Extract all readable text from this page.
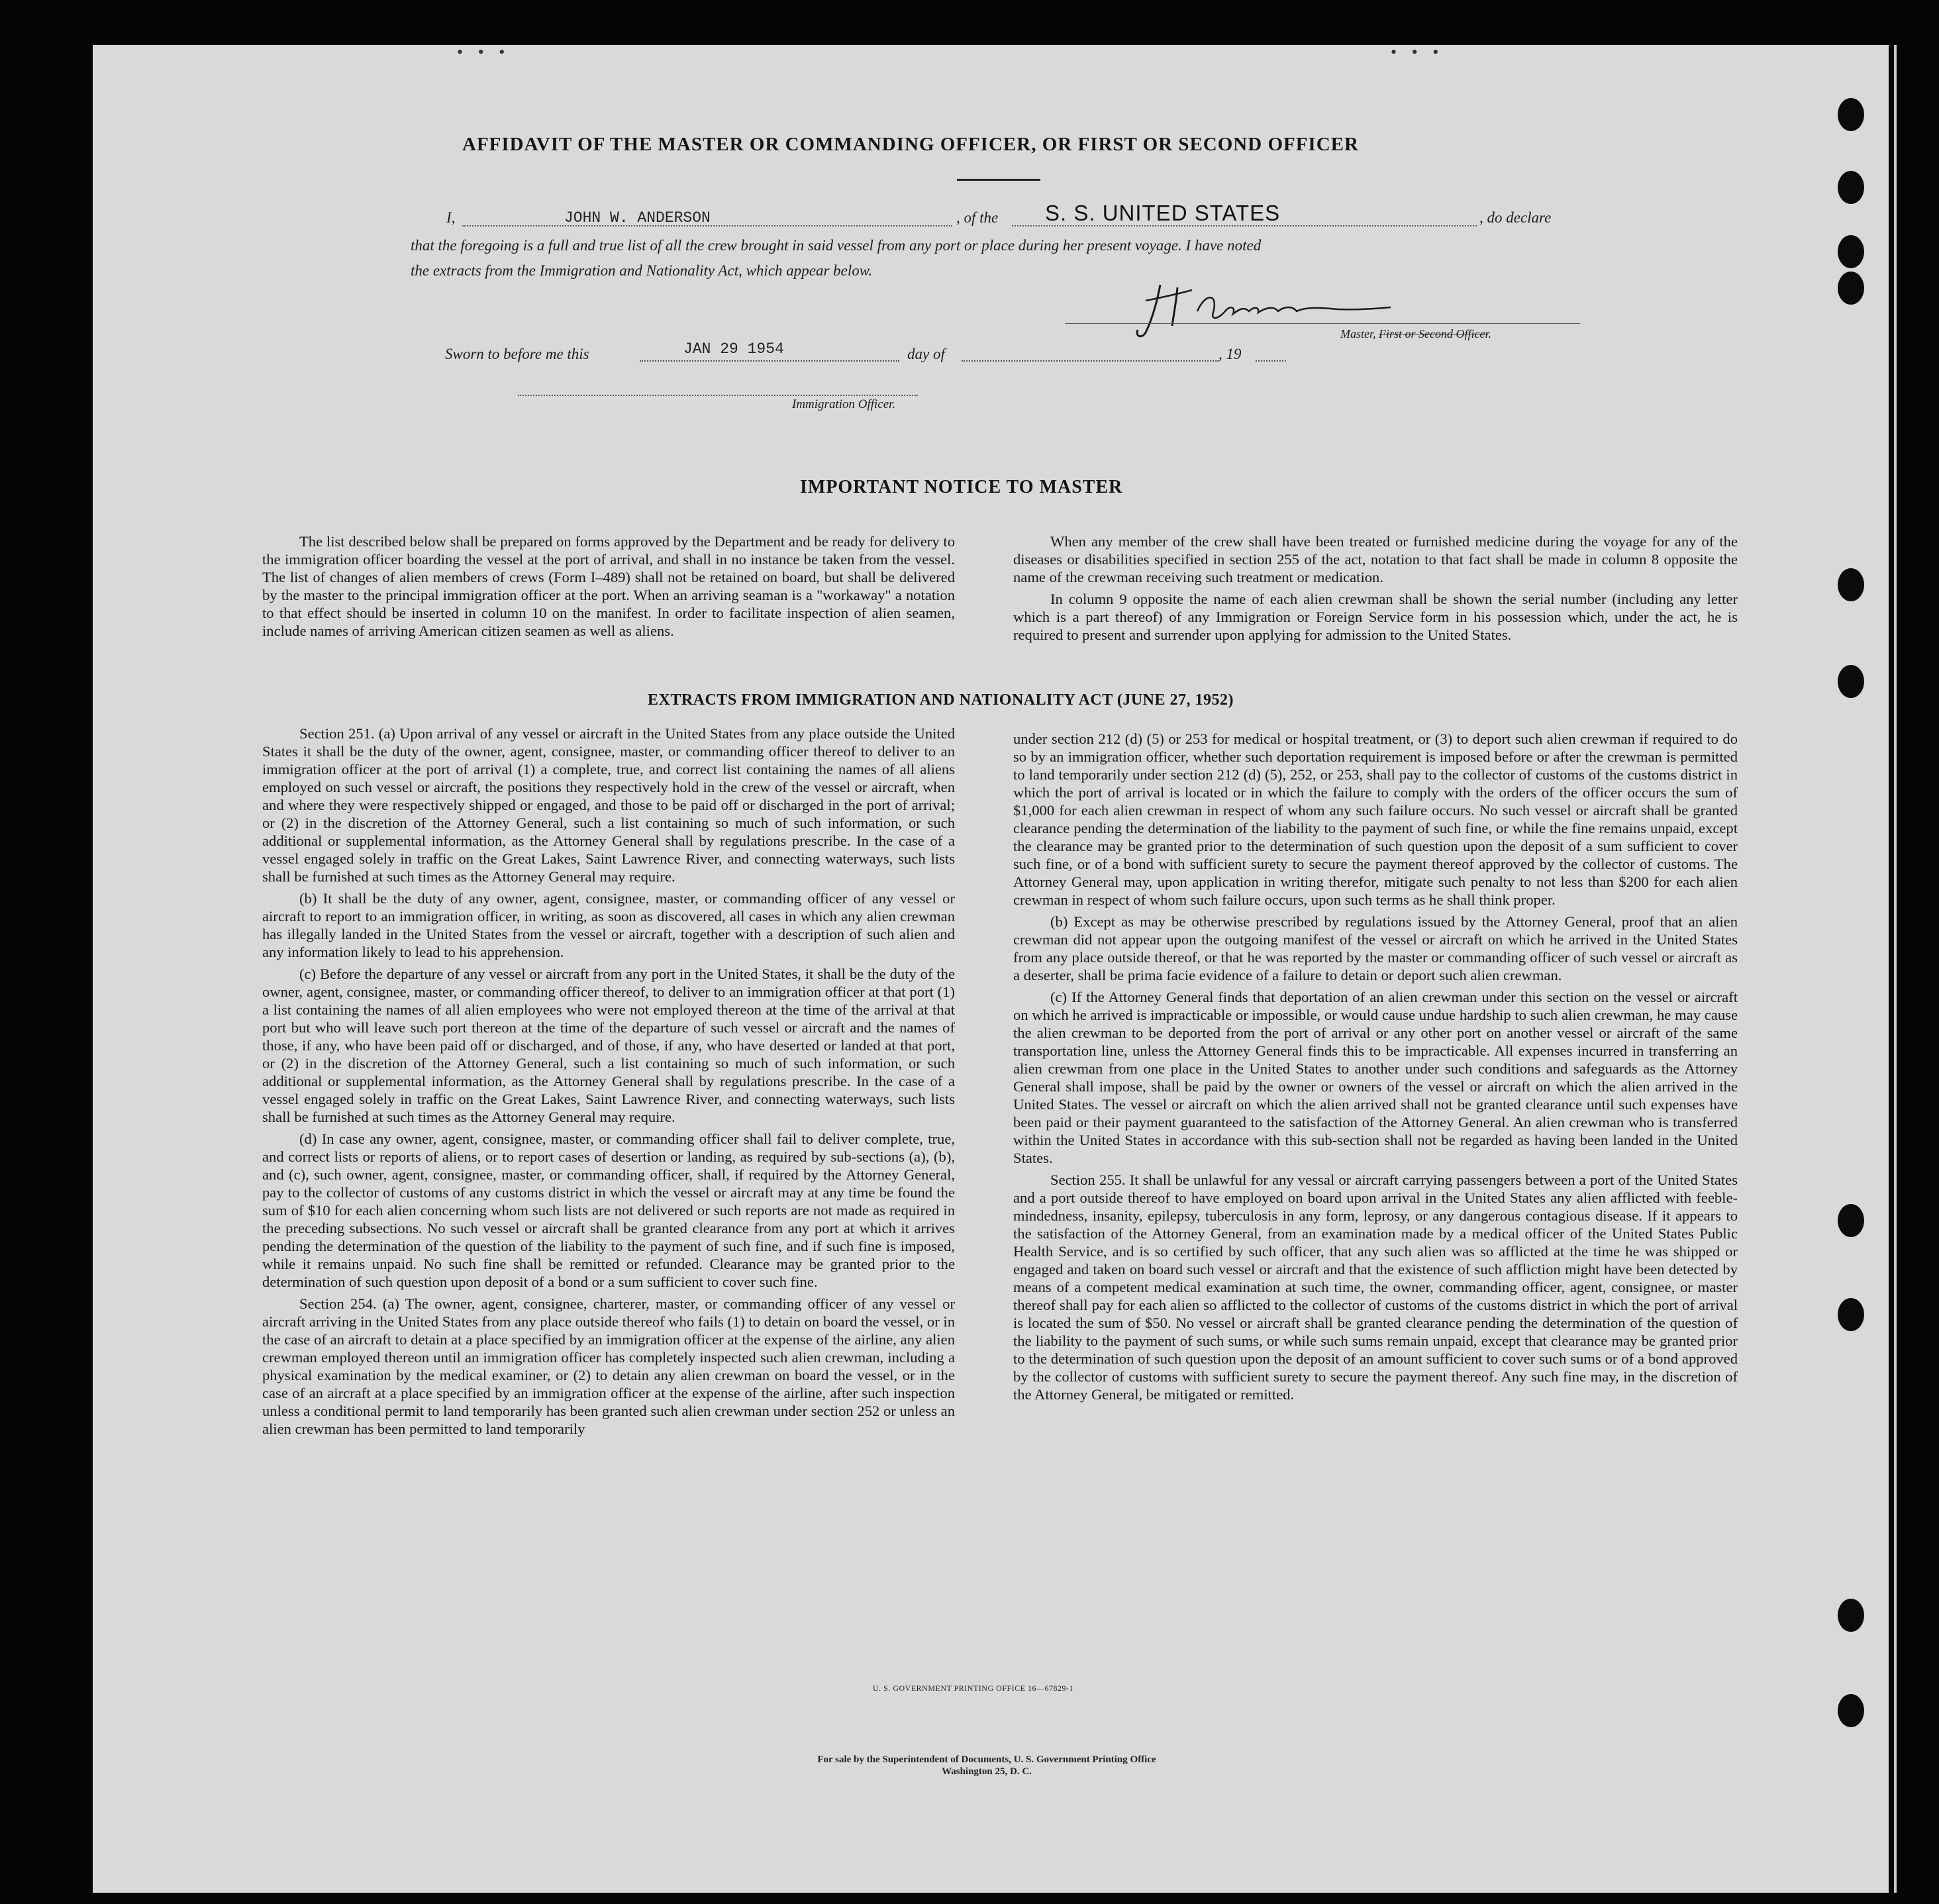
• • •	• • •
AFFIDAVIT OF THE MASTER OR COMMANDING OFFICER, OR FIRST OR SECOND OFFICER
I,	JOHN W. ANDERSON	, of the S. S. UNITED STATES	, do declare
that the foregoing is a full and true list of all the crew brought in said vessel from any port or place during her present voyage. I have noted
the extracts from the Immigration and Nationality Act, which appear below.
Master, First or Second Officer.
Sworn to before me this	JAN 29 1954	day of	, 19
Immigration Officer.
IMPORTANT NOTICE TO MASTER

The list described below shall be prepared on forms approved by the Department and be ready for delivery to the immigration officer boarding the vessel at the port of arrival, and shall in no instance be taken from the vessel. The list of changes of alien members of crews (Form I–489) shall not be retained on board, but shall be delivered by the master to the principal immigration officer at the port. When an arriving seaman is a "workaway" a notation to that effect should be inserted in column 10 on the manifest. In order to facilitate inspection of alien seamen, include names of arriving American citizen seamen as well as aliens.

When any member of the crew shall have been treated or furnished medicine during the voyage for any of the diseases or disabilities specified in section 255 of the act, notation to that fact shall be made in column 8 opposite the name of the crewman receiving such treatment or medication.

In column 9 opposite the name of each alien crewman shall be shown the serial number (including any letter which is a part thereof) of any Immigration or Foreign Service form in his possession which, under the act, he is required to present and surrender upon applying for admission to the United States.

EXTRACTS FROM IMMIGRATION AND NATIONALITY ACT (JUNE 27, 1952)

Section 251. (a) Upon arrival of any vessel or aircraft in the United States from any place outside the United States it shall be the duty of the owner, agent, consignee, master, or commanding officer thereof to deliver to an immigration officer at the port of arrival (1) a complete, true, and correct list containing the names of all aliens employed on such vessel or aircraft, the positions they respectively hold in the crew of the vessel or aircraft, when and where they were respectively shipped or engaged, and those to be paid off or discharged in the port of arrival; or (2) in the discretion of the Attorney General, such a list containing so much of such information, or such additional or supplemental information, as the Attorney General shall by regulations prescribe. In the case of a vessel engaged solely in traffic on the Great Lakes, Saint Lawrence River, and connecting waterways, such lists shall be furnished at such times as the Attorney General may require.

(b) It shall be the duty of any owner, agent, consignee, master, or commanding officer of any vessel or aircraft to report to an immigration officer, in writing, as soon as discovered, all cases in which any alien crewman has illegally landed in the United States from the vessel or aircraft, together with a description of such alien and any information likely to lead to his apprehension.

(c) Before the departure of any vessel or aircraft from any port in the United States, it shall be the duty of the owner, agent, consignee, master, or commanding officer thereof, to deliver to an immigration officer at that port (1) a list containing the names of all alien employees who were not employed thereon at the time of the arrival at that port but who will leave such port thereon at the time of the departure of such vessel or aircraft and the names of those, if any, who have been paid off or discharged, and of those, if any, who have deserted or landed at that port, or (2) in the discretion of the Attorney General, such a list containing so much of such information, or such additional or supplemental information, as the Attorney General shall by regulations prescribe. In the case of a vessel engaged solely in traffic on the Great Lakes, Saint Lawrence River, and connecting waterways, such lists shall be furnished at such times as the Attorney General may require.

(d) In case any owner, agent, consignee, master, or commanding officer shall fail to deliver complete, true, and correct lists or reports of aliens, or to report cases of desertion or landing, as required by sub-sections (a), (b), and (c), such owner, agent, consignee, master, or commanding officer, shall, if required by the Attorney General, pay to the collector of customs of any customs district in which the vessel or aircraft may at any time be found the sum of $10 for each alien concerning whom such lists are not delivered or such reports are not made as required in the preceding subsections. No such vessel or aircraft shall be granted clearance from any port at which it arrives pending the determination of the question of the liability to the payment of such fine, and if such fine is imposed, while it remains unpaid. No such fine shall be remitted or refunded. Clearance may be granted prior to the determination of such question upon deposit of a bond or a sum sufficient to cover such fine.

Section 254. (a) The owner, agent, consignee, charterer, master, or commanding officer of any vessel or aircraft arriving in the United States from any place outside thereof who fails (1) to detain on board the vessel, or in the case of an aircraft to detain at a place specified by an immigration officer at the expense of the airline, any alien crewman employed thereon until an immigration officer has completely inspected such alien crewman, including a physical examination by the medical examiner, or (2) to detain any alien crewman on board the vessel, or in the case of an aircraft at a place specified by an immigration officer at the expense of the airline, after such inspection unless a conditional permit to land temporarily has been granted such alien crewman under section 252 or unless an alien crewman has been permitted to land temporarily

under section 212 (d) (5) or 253 for medical or hospital treatment, or (3) to deport such alien crewman if required to do so by an immigration officer, whether such deportation requirement is imposed before or after the crewman is permitted to land temporarily under section 212 (d) (5), 252, or 253, shall pay to the collector of customs of the customs district in which the port of arrival is located or in which the failure to comply with the orders of the officer occurs the sum of $1,000 for each alien crewman in respect of whom any such failure occurs. No such vessel or aircraft shall be granted clearance pending the determination of the liability to the payment of such fine, or while the fine remains unpaid, except the clearance may be granted prior to the determination of such question upon the deposit of a sum sufficient to cover such fine, or of a bond with sufficient surety to secure the payment thereof approved by the collector of customs. The Attorney General may, upon application in writing therefor, mitigate such penalty to not less than $200 for each alien crewman in respect of whom such failure occurs, upon such terms as he shall think proper.

(b) Except as may be otherwise prescribed by regulations issued by the Attorney General, proof that an alien crewman did not appear upon the outgoing manifest of the vessel or aircraft on which he arrived in the United States from any place outside thereof, or that he was reported by the master or commanding officer of such vessel or aircraft as a deserter, shall be prima facie evidence of a failure to detain or deport such alien crewman.

(c) If the Attorney General finds that deportation of an alien crewman under this section on the vessel or aircraft on which he arrived is impracticable or impossible, or would cause undue hardship to such alien crewman, he may cause the alien crewman to be deported from the port of arrival or any other port on another vessel or aircraft of the same transportation line, unless the Attorney General finds this to be impracticable. All expenses incurred in transferring an alien crewman from one place in the United States to another under such conditions and safeguards as the Attorney General shall impose, shall be paid by the owner or owners of the vessel or aircraft on which the alien arrived in the United States. The vessel or aircraft on which the alien arrived shall not be granted clearance until such expenses have been paid or their payment guaranteed to the satisfaction of the Attorney General. An alien crewman who is transferred within the United States in accordance with this sub-section shall not be regarded as having been landed in the United States.

Section 255. It shall be unlawful for any vessal or aircraft carrying passengers between a port of the United States and a port outside thereof to have employed on board upon arrival in the United States any alien afflicted with feeble-mindedness, insanity, epilepsy, tuberculosis in any form, leprosy, or any dangerous contagious disease. If it appears to the satisfaction of the Attorney General, from an examination made by a medical officer of the United States Public Health Service, and is so certified by such officer, that any such alien was so afflicted at the time he was shipped or engaged and taken on board such vessel or aircraft and that the existence of such affliction might have been detected by means of a competent medical examination at such time, the owner, commanding officer, agent, consignee, or master thereof shall pay for each alien so afflicted to the collector of customs of the customs district in which the port of arrival is located the sum of $50. No vessel or aircraft shall be granted clearance pending the determination of the question of the liability to the payment of such sums, or while such sums remain unpaid, except that clearance may be granted prior to the determination of such question upon the deposit of an amount sufficient to cover such sums or of a bond approved by the collector of customs with sufficient surety to secure the payment thereof. Any such fine may, in the discretion of the Attorney General, be mitigated or remitted.

U. S. GOVERNMENT PRINTING OFFICE 16—67829-1
For sale by the Superintendent of Documents, U. S. Government Printing Office
Washington 25, D. C.
